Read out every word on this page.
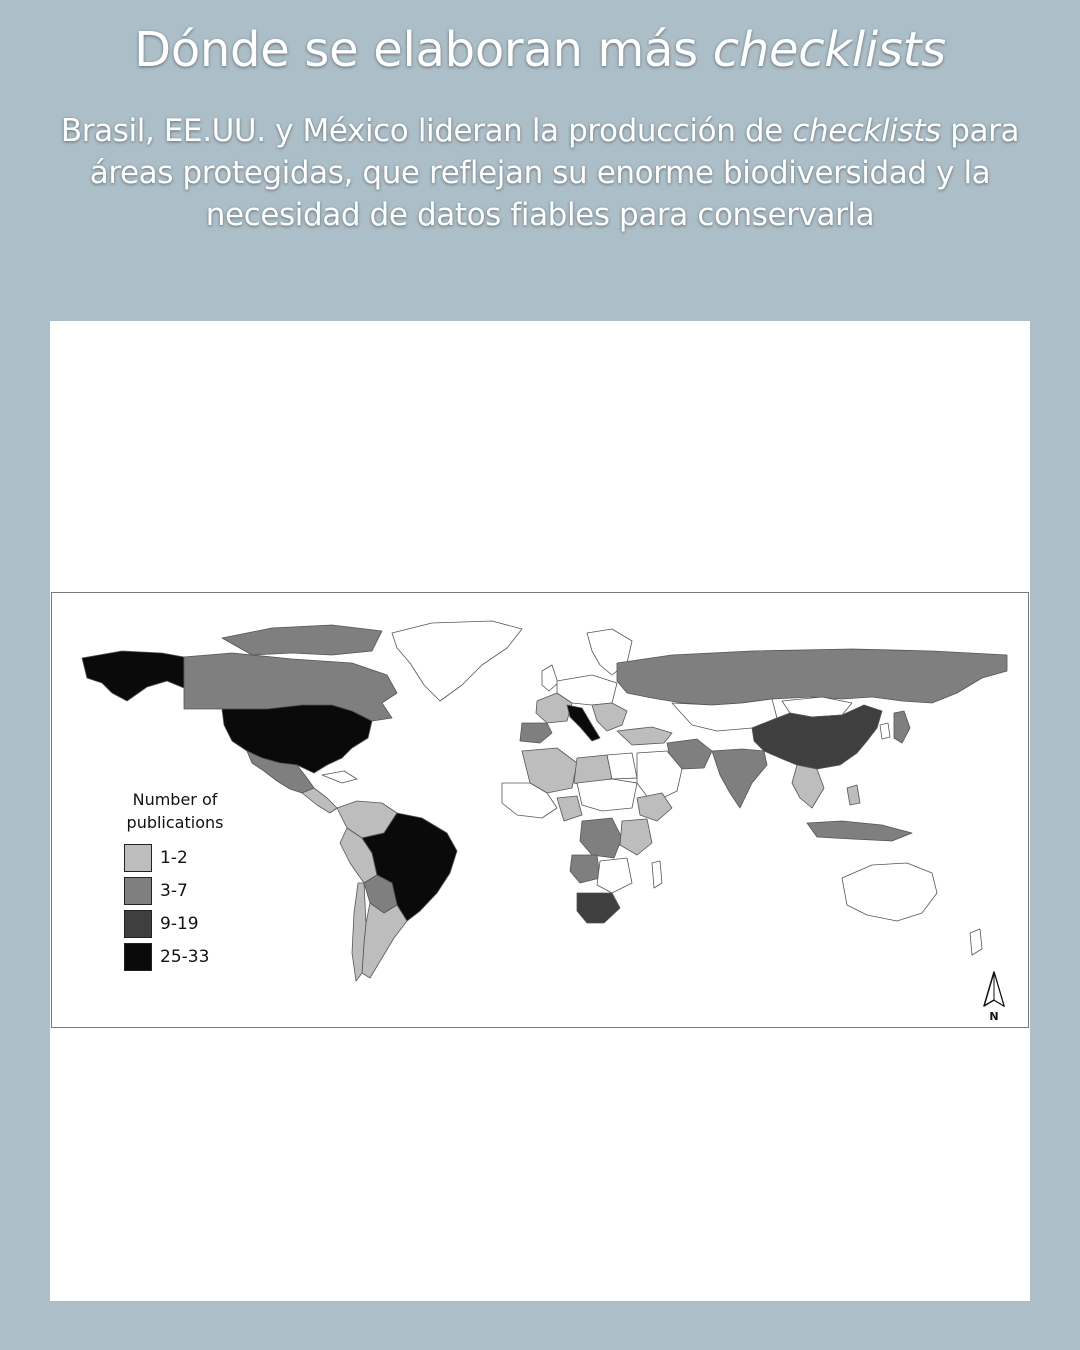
Dónde se elaboran más checklists

Brasil, EE.UU. y México lideran la producción de checklists para áreas protegidas, que reflejan su enorme biodiversidad y la necesidad de datos fiables para conservarla

Number of
publications
1-2
3-7
9-19
25-33
N
